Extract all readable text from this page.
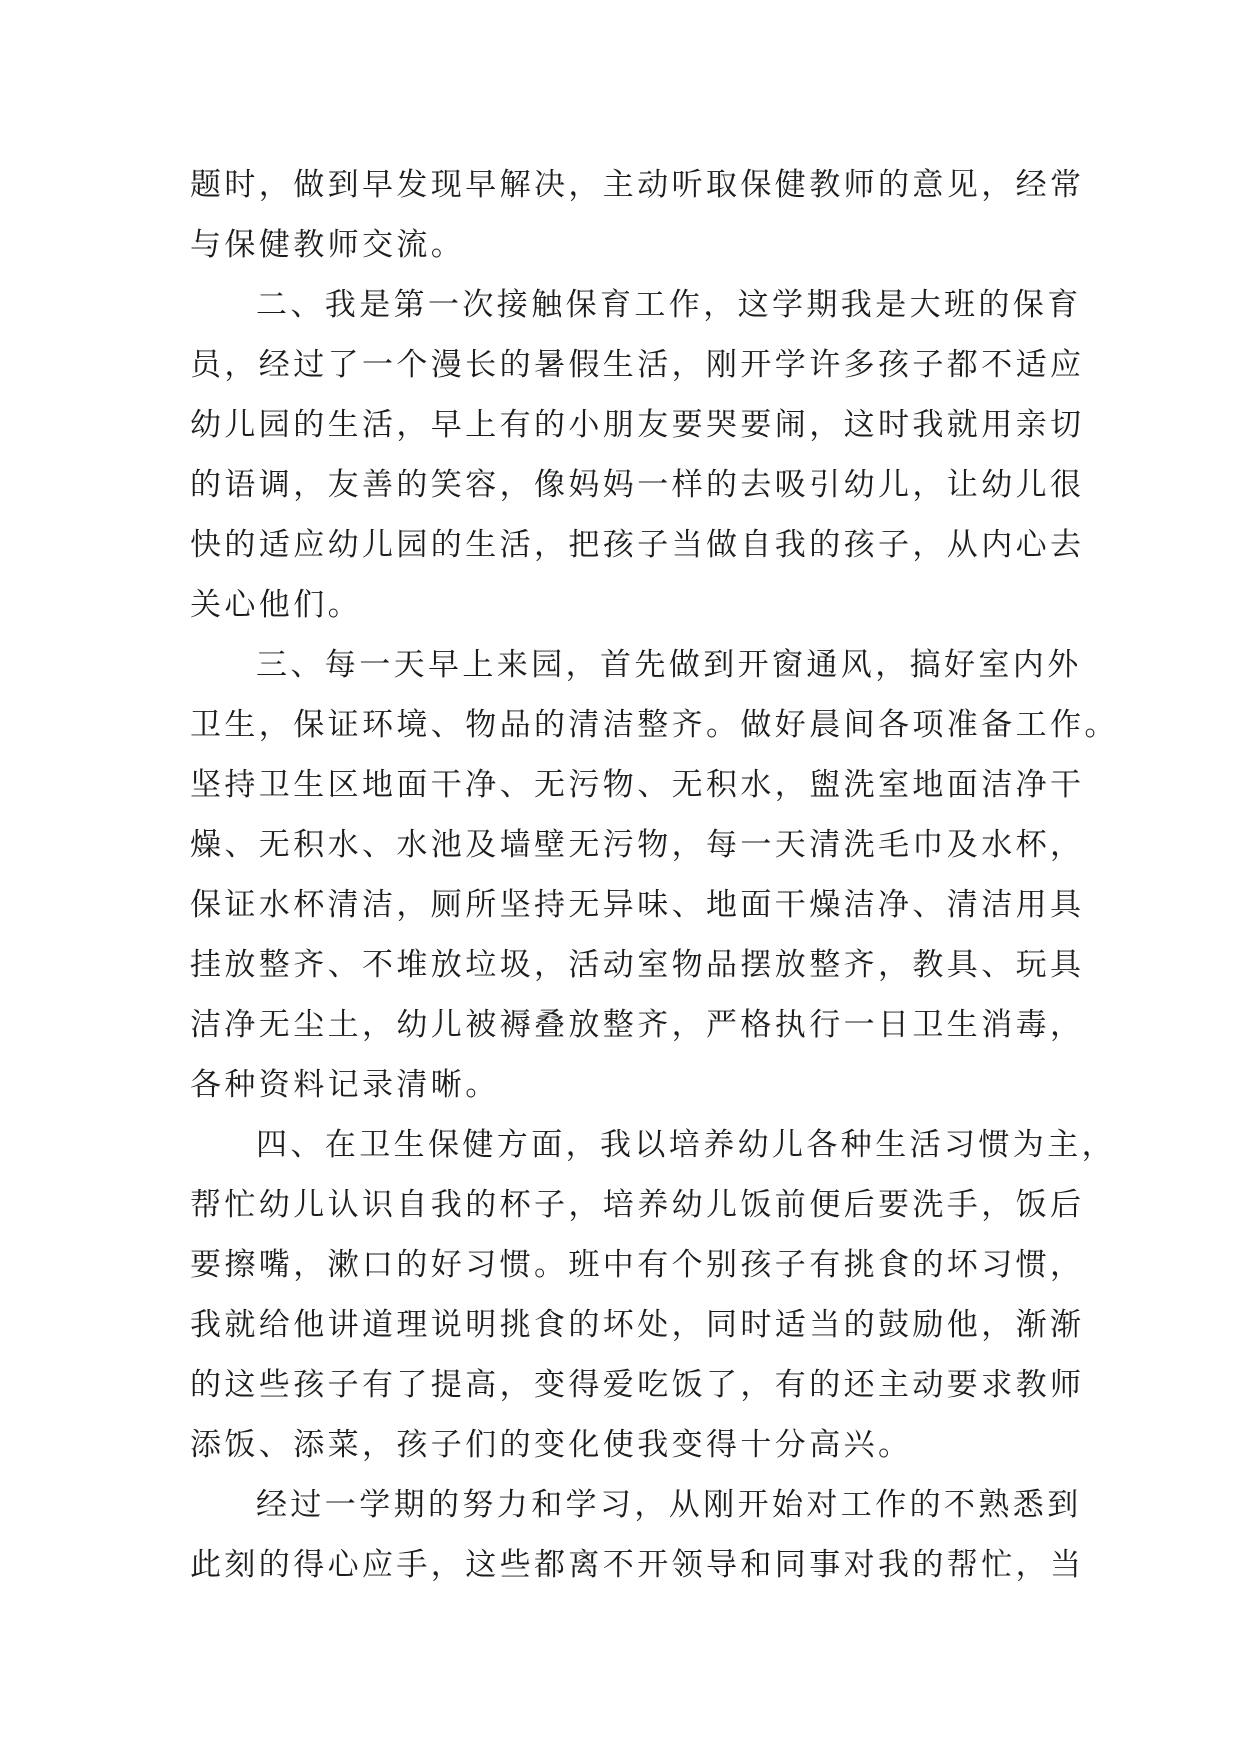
题时，做到早发现早解决，主动听取保健教师的意见，经常
与保健教师交流。
二、我是第一次接触保育工作，这学期我是大班的保育
员，经过了一个漫长的暑假生活，刚开学许多孩子都不适应
幼儿园的生活，早上有的小朋友要哭要闹，这时我就用亲切
的语调，友善的笑容，像妈妈一样的去吸引幼儿，让幼儿很
快的适应幼儿园的生活，把孩子当做自我的孩子，从内心去
关心他们。
三、每一天早上来园，首先做到开窗通风，搞好室内外
卫生，保证环境、物品的清洁整齐。做好晨间各项准备工作。
坚持卫生区地面干净、无污物、无积水，盥洗室地面洁净干
燥、无积水、水池及墙壁无污物，每一天清洗毛巾及水杯，
保证水杯清洁，厕所坚持无异味、地面干燥洁净、清洁用具
挂放整齐、不堆放垃圾，活动室物品摆放整齐，教具、玩具
洁净无尘土，幼儿被褥叠放整齐，严格执行一日卫生消毒，
各种资料记录清晰。
四、在卫生保健方面，我以培养幼儿各种生活习惯为主，
帮忙幼儿认识自我的杯子，培养幼儿饭前便后要洗手，饭后
要擦嘴，漱口的好习惯。班中有个别孩子有挑食的坏习惯，
我就给他讲道理说明挑食的坏处，同时适当的鼓励他，渐渐
的这些孩子有了提高，变得爱吃饭了，有的还主动要求教师
添饭、添菜，孩子们的变化使我变得十分高兴。
经过一学期的努力和学习，从刚开始对工作的不熟悉到
此刻的得心应手，这些都离不开领导和同事对我的帮忙，当
